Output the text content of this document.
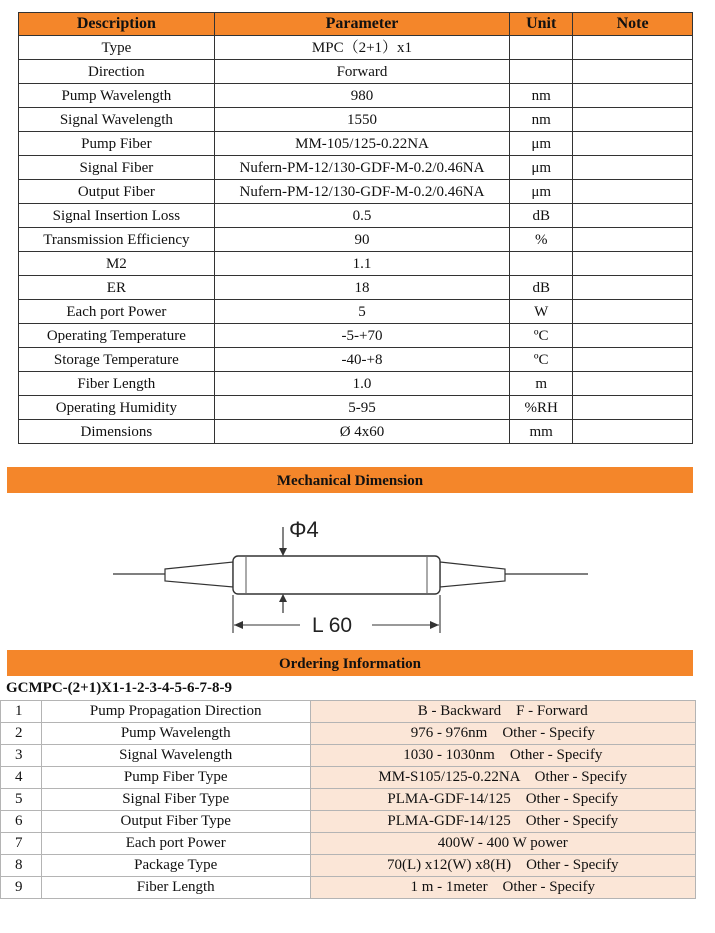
Description	Parameter	Unit	Note
Type	MPC（2+1）x1		
Direction	Forward		
Pump Wavelength	980	nm	
Signal Wavelength	1550	nm	
Pump Fiber	MM-105/125-0.22NA	μm	
Signal Fiber	Nufern-PM-12/130-GDF-M-0.2/0.46NA	μm	
Output Fiber	Nufern-PM-12/130-GDF-M-0.2/0.46NA	μm	
Signal Insertion Loss	0.5	dB	
Transmission Efficiency	90	%	
M2	1.1		
ER	18	dB	
Each port Power	5	W	
Operating Temperature	-5-+70	ºC	
Storage Temperature	-40-+8	ºC	
Fiber Length	1.0	m	
Operating Humidity	5-95	%RH	
Dimensions	Ø 4x60	mm	
Mechanical Dimension
Φ4
L 60
Ordering Information
GCMPC-(2+1)X1-1-2-3-4-5-6-7-8-9
1	Pump Propagation Direction	B - Backward    F - Forward
2	Pump Wavelength	976 - 976nm    Other - Specify
3	Signal Wavelength	1030 - 1030nm    Other - Specify
4	Pump Fiber Type	MM-S105/125-0.22NA    Other - Specify
5	Signal Fiber Type	PLMA-GDF-14/125    Other - Specify
6	Output Fiber Type	PLMA-GDF-14/125    Other - Specify
7	Each port Power	400W - 400 W power
8	Package Type	70(L) x12(W) x8(H)    Other - Specify
9	Fiber Length	1 m - 1meter    Other - Specify
